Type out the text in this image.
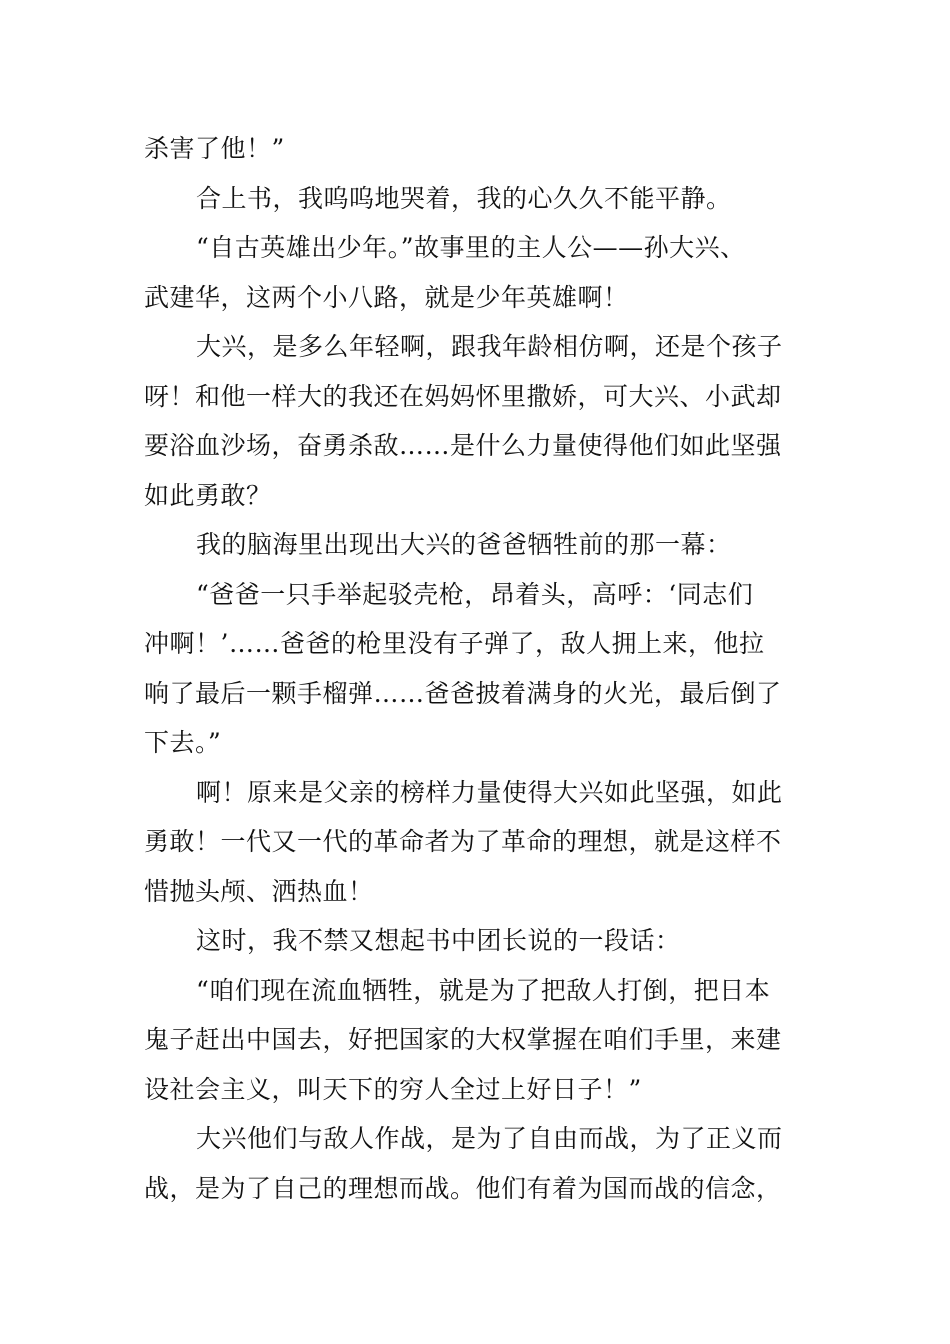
杀害了他！”
合上书，我呜呜地哭着，我的心久久不能平静。
“自古英雄出少年。”故事里的主人公——孙大兴、
武建华，这两个小八路，就是少年英雄啊！
大兴，是多么年轻啊，跟我年龄相仿啊，还是个孩子
呀！和他一样大的我还在妈妈怀里撒娇，可大兴、小武却
要浴血沙场，奋勇杀敌……是什么力量使得他们如此坚强
如此勇敢？
我的脑海里出现出大兴的爸爸牺牲前的那一幕：
“爸爸一只手举起驳壳枪，昂着头，高呼：‘同志们
冲啊！’……爸爸的枪里没有子弹了，敌人拥上来，他拉
响了最后一颗手榴弹……爸爸披着满身的火光，最后倒了
下去。”
啊！原来是父亲的榜样力量使得大兴如此坚强，如此
勇敢！一代又一代的革命者为了革命的理想，就是这样不
惜抛头颅、洒热血！
这时，我不禁又想起书中团长说的一段话：
“咱们现在流血牺牲，就是为了把敌人打倒，把日本
鬼子赶出中国去，好把国家的大权掌握在咱们手里，来建
设社会主义，叫天下的穷人全过上好日子！”
大兴他们与敌人作战，是为了自由而战，为了正义而
战，是为了自己的理想而战。他们有着为国而战的信念，
